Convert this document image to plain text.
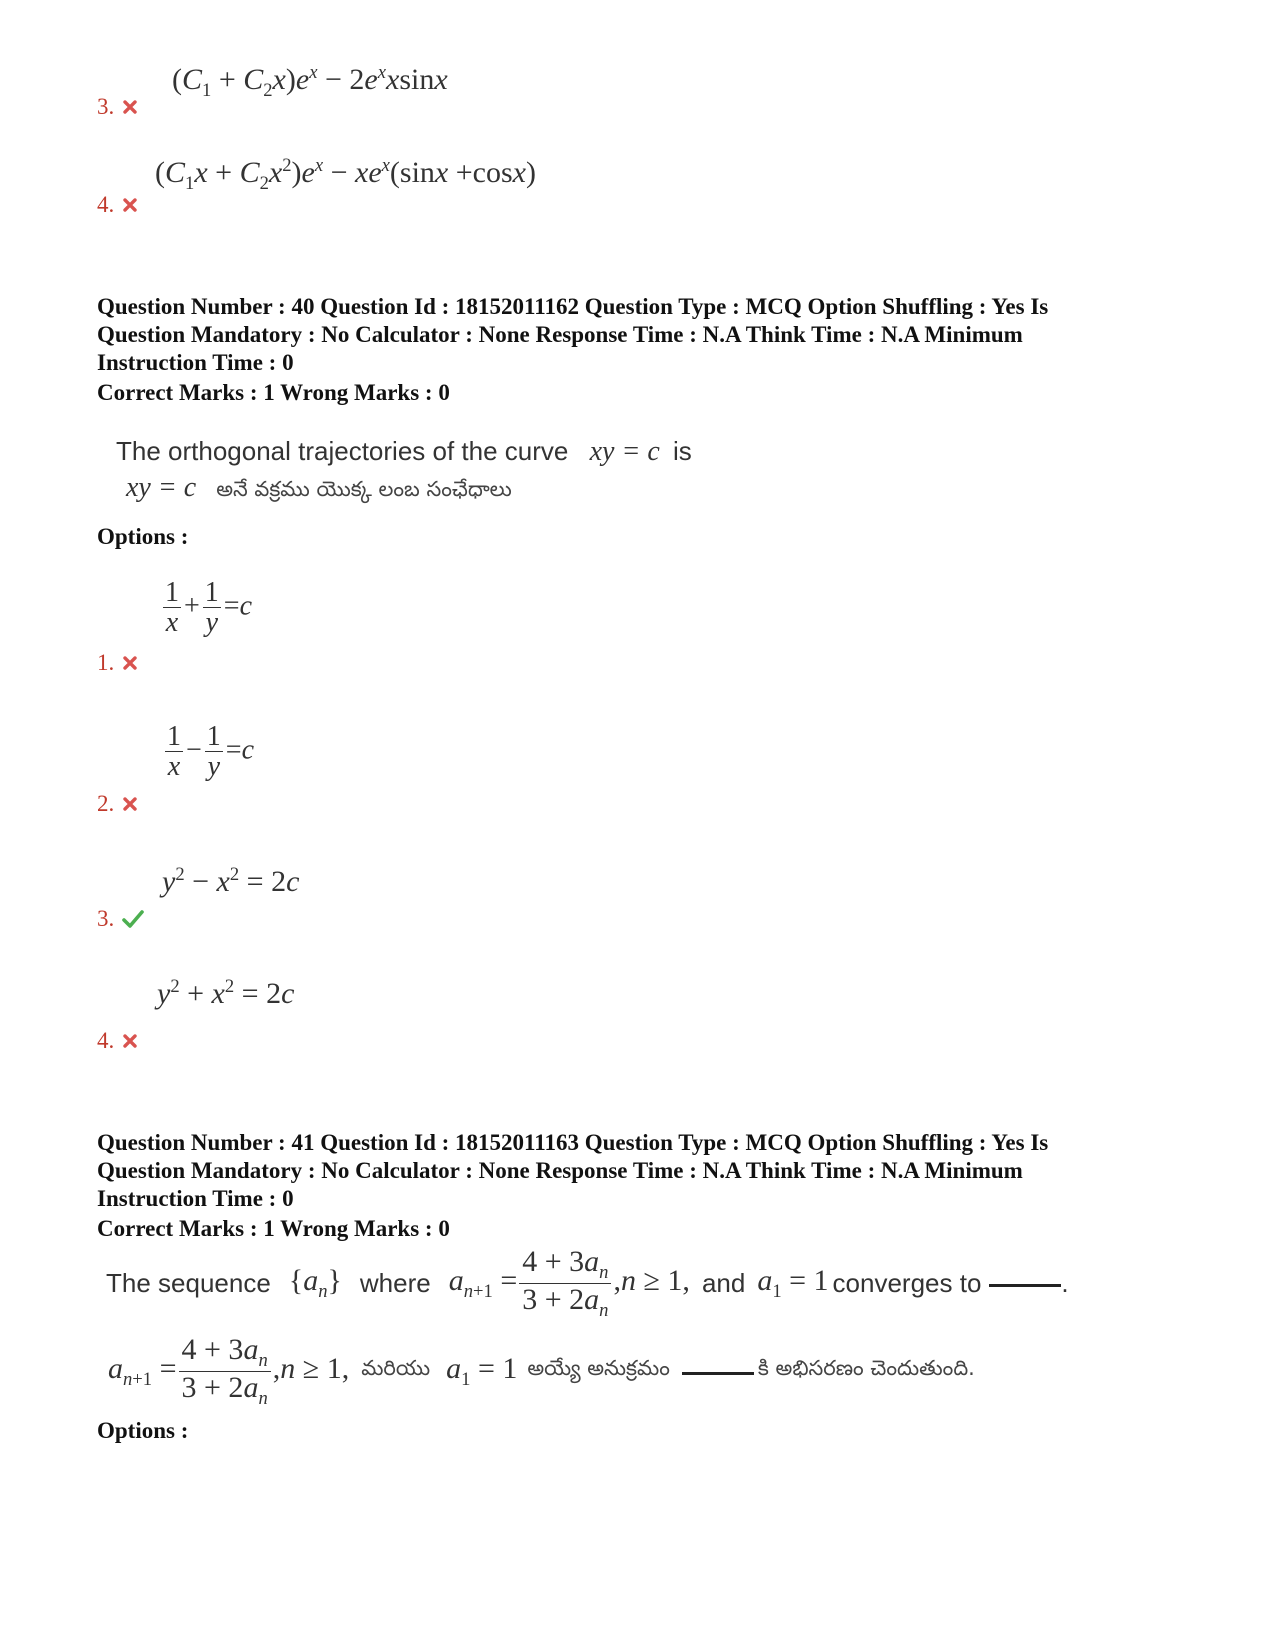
$(C_1 + C_2x)e^x - 2e^xxsinx$
3.
$(C_1x + C_2x^2)e^x - xe^x(\sin x +\cos x)$
4.
Question Number : 40 Question Id : 18152011162 Question Type : MCQ Option Shuffling : Yes Is
Question Mandatory : No Calculator : None Response Time : N.A Think Time : N.A Minimum
Instruction Time : 0
Correct Marks : 1 Wrong Marks : 0
The orthogonal trajectories of the curve xy = c is
xy = c అనే వక్రము యొక్క లంబ సంఛేధాలు
Options :
$\frac{1}{x} + \frac{1}{y} =c$
1.
$\frac{1}{x} - \frac{1}{y} =c$
2.
$y^2 - x^2 = 2c$
3.
$y^2 + x^2 = 2c$
4.
Question Number : 41 Question Id : 18152011163 Question Type : MCQ Option Shuffling : Yes Is
Question Mandatory : No Calculator : None Response Time : N.A Think Time : N.A Minimum
Instruction Time : 0
Correct Marks : 1 Wrong Marks : 0
The sequence $\{a_n\}$ where $a_{n+1} = \frac{4 + 3a_n}{3 + 2a_n} ,n \ge 1$, and $a_1 = 1$ converges to	.
$a_{n+1} = \frac{4 + 3a_n}{3 + 2a_n} ,n \ge 1$, మరియు $a_1 = 1$ అయ్యే అనుక్రమం	కి అభిసరణం చెందుతుంది.
Options :
